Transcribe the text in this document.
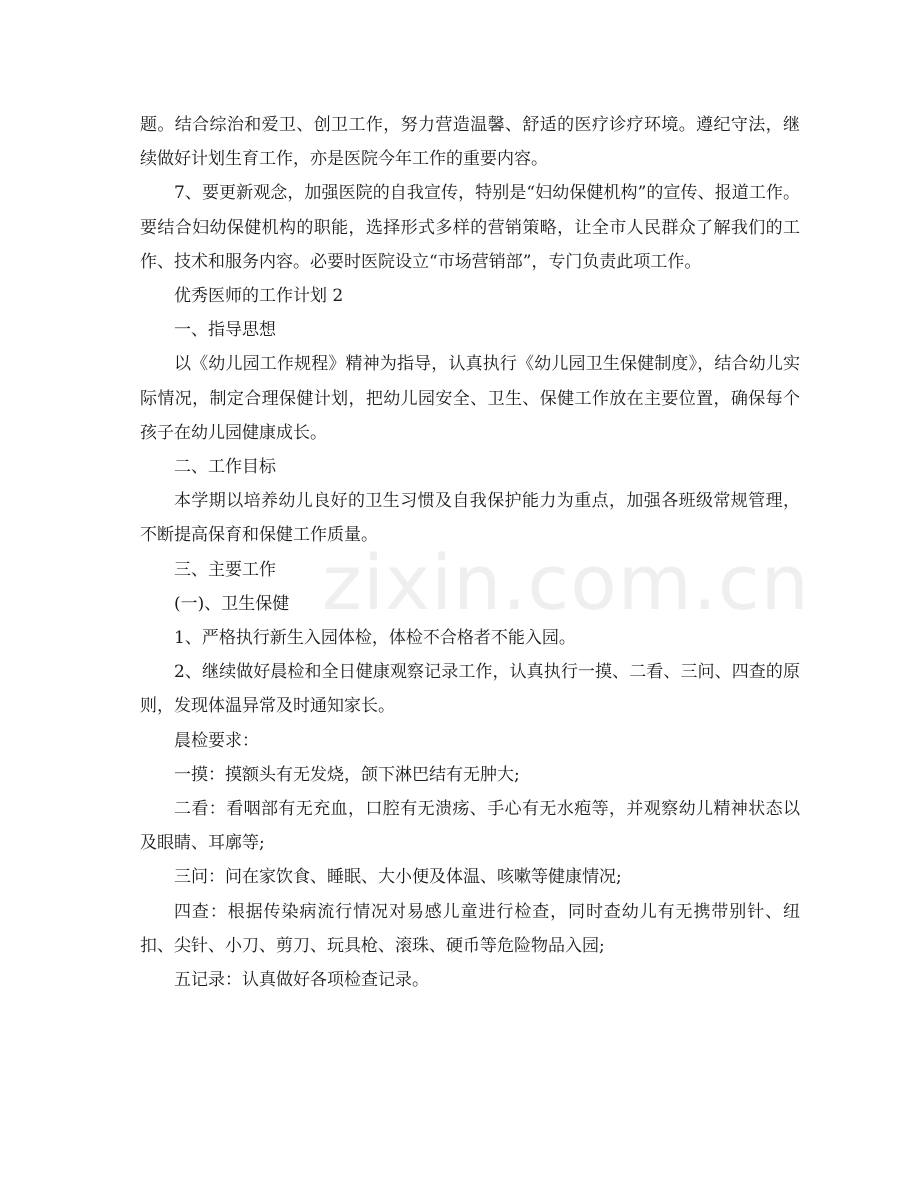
题。结合综治和爱卫、创卫工作，努力营造温馨、舒适的医疗诊疗环境。遵纪守法，继续做好计划生育工作，亦是医院今年工作的重要内容。

7、要更新观念，加强医院的自我宣传，特别是“妇幼保健机构”的宣传、报道工作。要结合妇幼保健机构的职能，选择形式多样的营销策略，让全市人民群众了解我们的工作、技术和服务内容。必要时医院设立“市场营销部”，专门负责此项工作。

优秀医师的工作计划 2

一、指导思想

以《幼儿园工作规程》精神为指导，认真执行《幼儿园卫生保健制度》，结合幼儿实际情况，制定合理保健计划，把幼儿园安全、卫生、保健工作放在主要位置，确保每个孩子在幼儿园健康成长。

二、工作目标

本学期以培养幼儿良好的卫生习惯及自我保护能力为重点，加强各班级常规管理，不断提高保育和保健工作质量。

三、主要工作

(一)、卫生保健

1、严格执行新生入园体检，体检不合格者不能入园。

2、继续做好晨检和全日健康观察记录工作，认真执行一摸、二看、三问、四查的原则，发现体温异常及时通知家长。

晨检要求：

一摸：摸额头有无发烧，颌下淋巴结有无肿大;

二看：看咽部有无充血，口腔有无溃疡、手心有无水疱等，并观察幼儿精神状态以及眼睛、耳廓等;

三问：问在家饮食、睡眠、大小便及体温、咳嗽等健康情况;

四查：根据传染病流行情况对易感儿童进行检查，同时查幼儿有无携带别针、纽扣、尖针、小刀、剪刀、玩具枪、滚珠、硬币等危险物品入园;

五记录：认真做好各项检查记录。

zixin.com.cn
